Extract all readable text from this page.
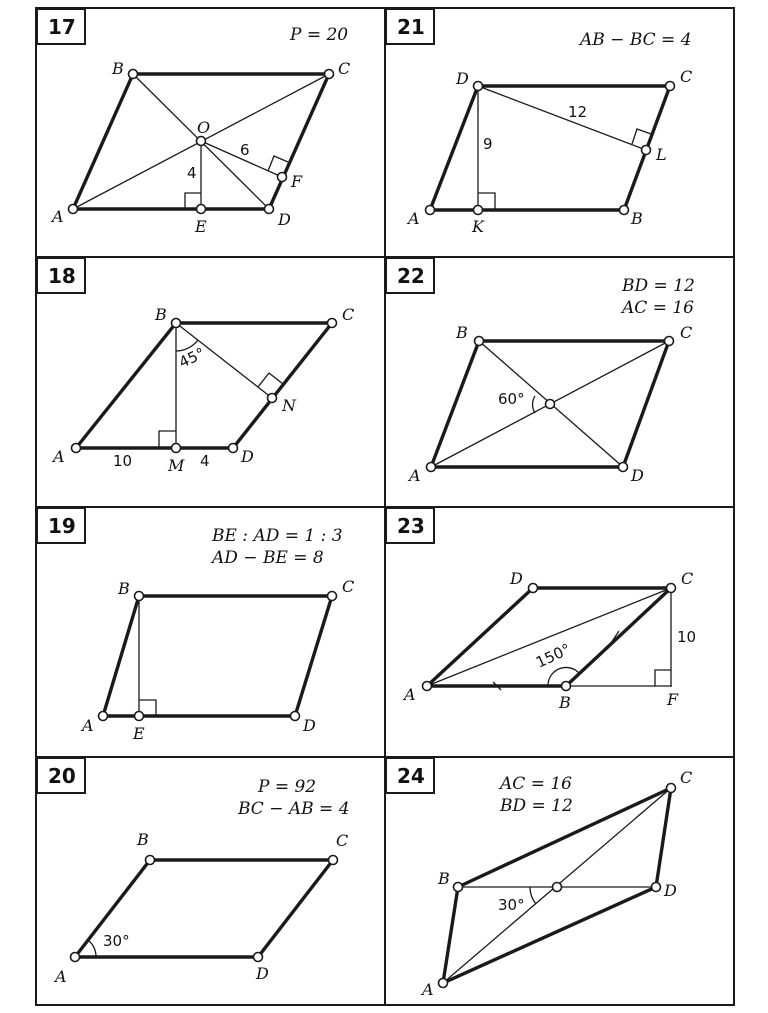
17	21
18	22
19	23
20	24
P = 20
A
B	C
D
O
E
F
4
6
AB − BC = 4
A	B
C
D
K
L
12
9
A
B	C
D
M
N
10	4
45°
BD = 12
AC = 16
A
B	C
D
60°
BE : AD = 1 : 3
AD − BE = 8
A
B	C
D
E
A	B
C
D
F
10
150°
P = 92
BC − AB = 4
A
B	C
D
30°
AC = 16
BD = 12
A
B
C
D
30°
